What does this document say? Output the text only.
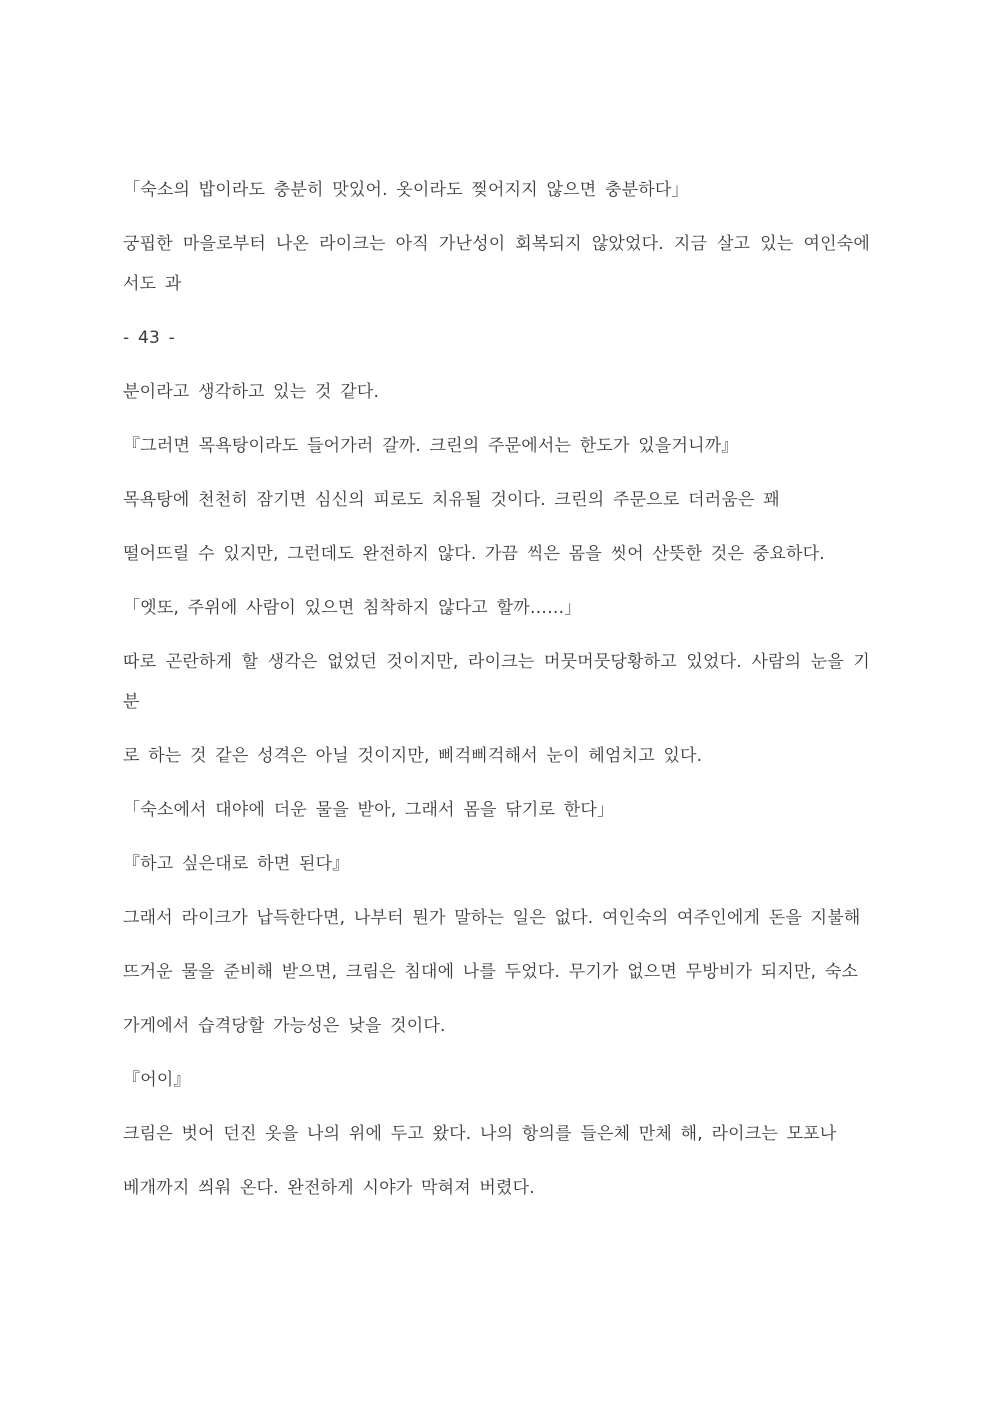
「숙소의 밥이라도 충분히 맛있어. 옷이라도 찢어지지 않으면 충분하다」

궁핍한 마을로부터 나온 라이크는 아직 가난성이 회복되지 않았었다. 지금 살고 있는 여인숙에서도 과

- 43 -

분이라고 생각하고 있는 것 같다.

『그러면 목욕탕이라도 들어가러 갈까. 크린의 주문에서는 한도가 있을거니까』

목욕탕에 천천히 잠기면 심신의 피로도 치유될 것이다. 크린의 주문으로 더러움은 꽤

떨어뜨릴 수 있지만, 그런데도 완전하지 않다. 가끔 씩은 몸을 씻어 산뜻한 것은 중요하다.

「엣또, 주위에 사람이 있으면 침착하지 않다고 할까……」

따로 곤란하게 할 생각은 없었던 것이지만, 라이크는 머뭇머뭇당황하고 있었다. 사람의 눈을 기분

로 하는 것 같은 성격은 아닐 것이지만, 삐걱삐걱해서 눈이 헤엄치고 있다.

「숙소에서 대야에 더운 물을 받아, 그래서 몸을 닦기로 한다」

『하고 싶은대로 하면 된다』

그래서 라이크가 납득한다면, 나부터 뭔가 말하는 일은 없다. 여인숙의 여주인에게 돈을 지불해

뜨거운 물을 준비해 받으면, 크림은 침대에 나를 두었다. 무기가 없으면 무방비가 되지만, 숙소

가게에서 습격당할 가능성은 낮을 것이다.

『어이』

크림은 벗어 던진 옷을 나의 위에 두고 왔다. 나의 항의를 들은체 만체 해, 라이크는 모포나

베개까지 씌워 온다. 완전하게 시야가 막혀져 버렸다.
